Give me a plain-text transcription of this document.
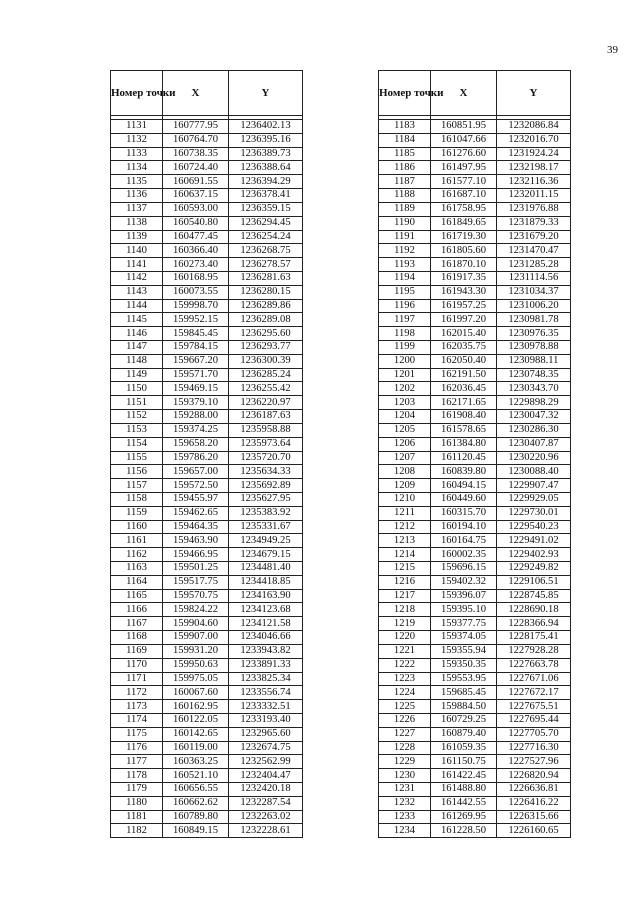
39
Номер точки	X	Y

1131	160777.95	1236402.13
1132	160764.70	1236395.16
1133	160738.35	1236389.73
1134	160724.40	1236388.64
1135	160691.55	1236394.29
1136	160637.15	1236378.41
1137	160593.00	1236359.15
1138	160540.80	1236294.45
1139	160477.45	1236254.24
1140	160366.40	1236268.75
1141	160273.40	1236278.57
1142	160168.95	1236281.63
1143	160073.55	1236280.15
1144	159998.70	1236289.86
1145	159952.15	1236289.08
1146	159845.45	1236295.60
1147	159784.15	1236293.77
1148	159667.20	1236300.39
1149	159571.70	1236285.24
1150	159469.15	1236255.42
1151	159379.10	1236220.97
1152	159288.00	1236187.63
1153	159374.25	1235958.88
1154	159658.20	1235973.64
1155	159786.20	1235720.70
1156	159657.00	1235634.33
1157	159572.50	1235692.89
1158	159455.97	1235627.95
1159	159462.65	1235383.92
1160	159464.35	1235331.67
1161	159463.90	1234949.25
1162	159466.95	1234679.15
1163	159501.25	1234481.40
1164	159517.75	1234418.85
1165	159570.75	1234163.90
1166	159824.22	1234123.68
1167	159904.60	1234121.58
1168	159907.00	1234046.66
1169	159931.20	1233943.82
1170	159950.63	1233891.33
1171	159975.05	1233825.34
1172	160067.60	1233556.74
1173	160162.95	1233332.51
1174	160122.05	1233193.40
1175	160142.65	1232965.60
1176	160119.00	1232674.75
1177	160363.25	1232562.99
1178	160521.10	1232404.47
1179	160656.55	1232420.18
1180	160662.62	1232287.54
1181	160789.80	1232263.02
1182	160849.15	1232228.61
Номер точки	X	Y

1183	160851.95	1232086.84
1184	161047.66	1232016.70
1185	161276.60	1231924.24
1186	161497.95	1232198.17
1187	161577.10	1232116.36
1188	161687.10	1232011.15
1189	161758.95	1231976.88
1190	161849.65	1231879.33
1191	161719.30	1231679.20
1192	161805.60	1231470.47
1193	161870.10	1231285.28
1194	161917.35	1231114.56
1195	161943.30	1231034.37
1196	161957.25	1231006.20
1197	161997.20	1230981.78
1198	162015.40	1230976.35
1199	162035.75	1230978.88
1200	162050.40	1230988.11
1201	162191.50	1230748.35
1202	162036.45	1230343.70
1203	162171.65	1229898.29
1204	161908.40	1230047.32
1205	161578.65	1230286.30
1206	161384.80	1230407.87
1207	161120.45	1230220.96
1208	160839.80	1230088.40
1209	160494.15	1229907.47
1210	160449.60	1229929.05
1211	160315.70	1229730.01
1212	160194.10	1229540.23
1213	160164.75	1229491.02
1214	160002.35	1229402.93
1215	159696.15	1229249.82
1216	159402.32	1229106.51
1217	159396.07	1228745.85
1218	159395.10	1228690.18
1219	159377.75	1228366.94
1220	159374.05	1228175.41
1221	159355.94	1227928.28
1222	159350.35	1227663.78
1223	159553.95	1227671.06
1224	159685.45	1227672.17
1225	159884.50	1227675.51
1226	160729.25	1227695.44
1227	160879.40	1227705.70
1228	161059.35	1227716.30
1229	161150.75	1227527.96
1230	161422.45	1226820.94
1231	161488.80	1226636.81
1232	161442.55	1226416.22
1233	161269.95	1226315.66
1234	161228.50	1226160.65
